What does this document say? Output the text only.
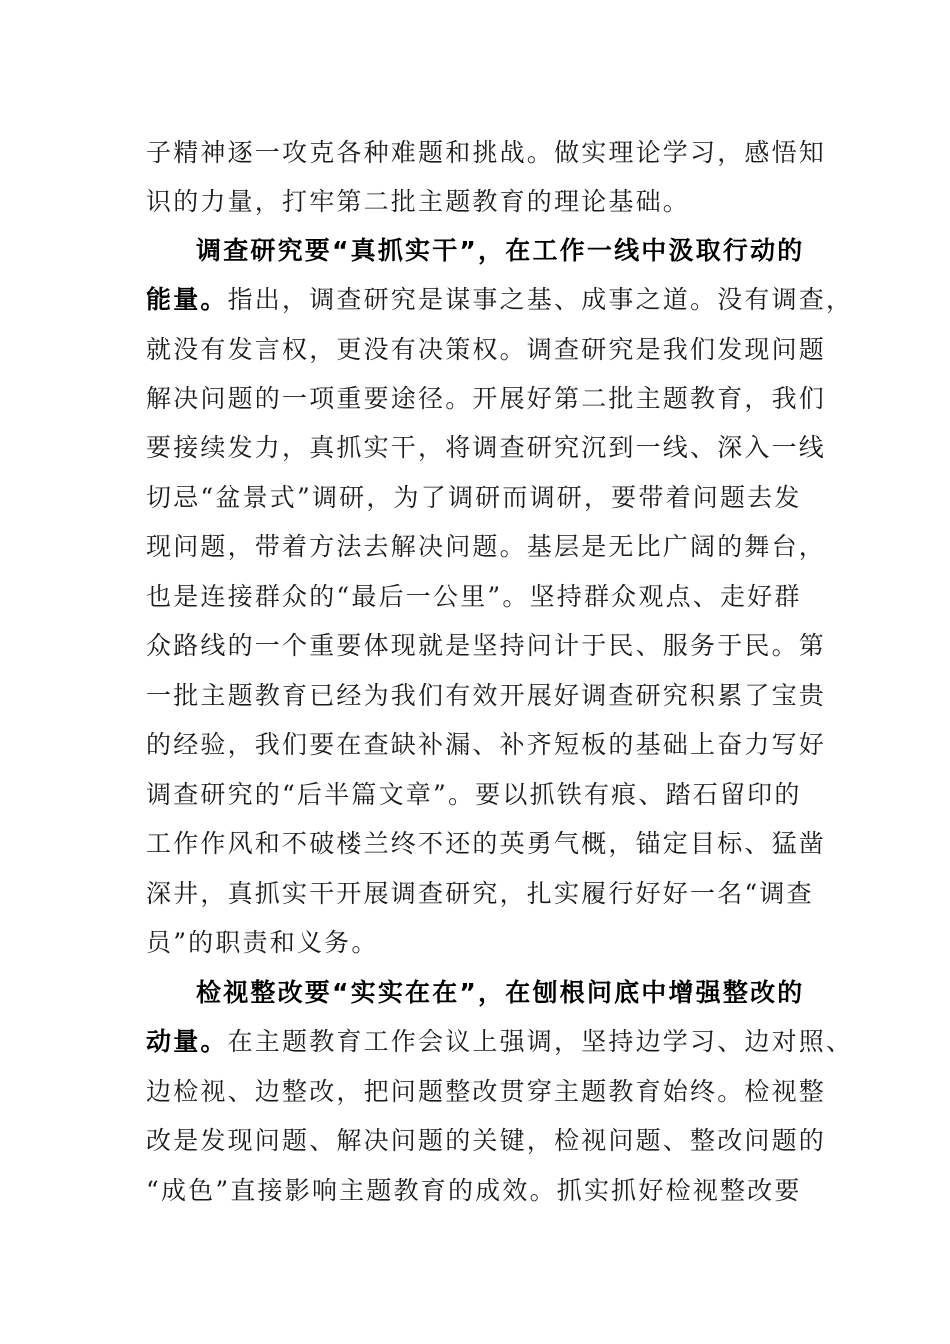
子精神逐一攻克各种难题和挑战。做实理论学习，感悟知
识的力量，打牢第二批主题教育的理论基础。
调查研究要“真抓实干”，在工作一线中汲取行动的
能量。指出，调查研究是谋事之基、成事之道。没有调查，
就没有发言权，更没有决策权。调查研究是我们发现问题
解决问题的一项重要途径。开展好第二批主题教育，我们
要接续发力，真抓实干，将调查研究沉到一线、深入一线
切忌“盆景式”调研，为了调研而调研，要带着问题去发
现问题，带着方法去解决问题。基层是无比广阔的舞台，
也是连接群众的“最后一公里”。坚持群众观点、走好群
众路线的一个重要体现就是坚持问计于民、服务于民。第
一批主题教育已经为我们有效开展好调查研究积累了宝贵
的经验，我们要在查缺补漏、补齐短板的基础上奋力写好
调查研究的“后半篇文章”。要以抓铁有痕、踏石留印的
工作作风和不破楼兰终不还的英勇气概，锚定目标、猛凿
深井，真抓实干开展调查研究，扎实履行好好一名“调查
员”的职责和义务。
检视整改要“实实在在”，在刨根问底中增强整改的
动量。在主题教育工作会议上强调，坚持边学习、边对照、
边检视、边整改，把问题整改贯穿主题教育始终。检视整
改是发现问题、解决问题的关键，检视问题、整改问题的
“成色”直接影响主题教育的成效。抓实抓好检视整改要
